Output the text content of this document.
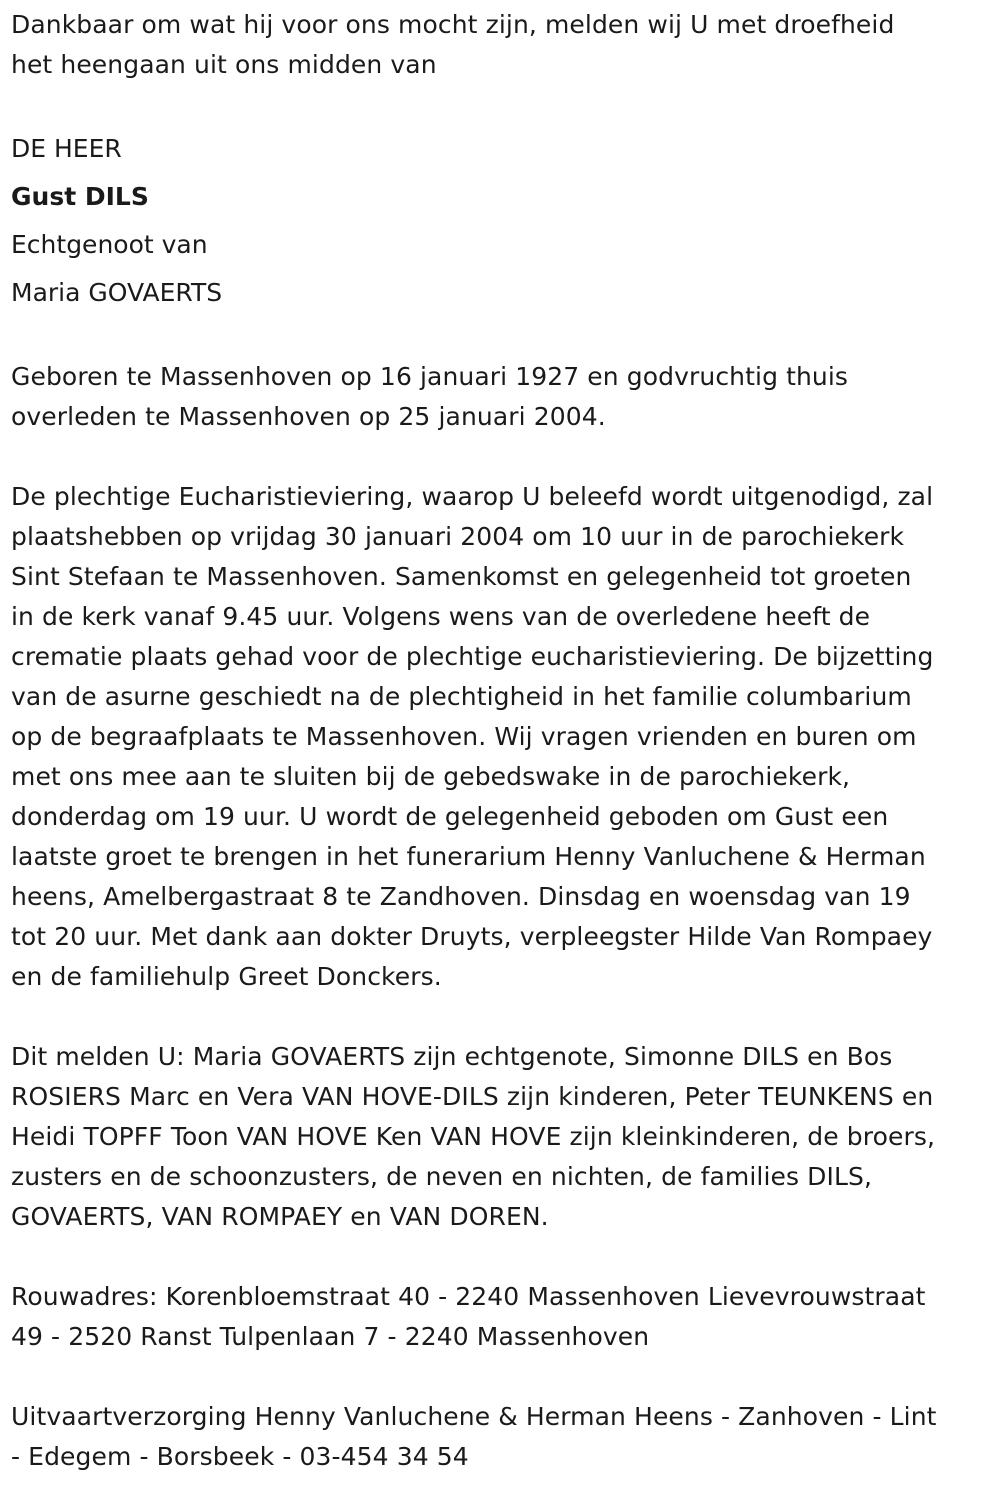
Dankbaar om wat hij voor ons mocht zijn, melden wij U met droefheid
het heengaan uit ons midden van

DE HEER
Gust DILS
Echtgenoot van
Maria GOVAERTS

Geboren te Massenhoven op 16 januari 1927 en godvruchtig thuis
overleden te Massenhoven op 25 januari 2004.

De plechtige Eucharistieviering, waarop U beleefd wordt uitgenodigd, zal
plaatshebben op vrijdag 30 januari 2004 om 10 uur in de parochiekerk
Sint Stefaan te Massenhoven. Samenkomst en gelegenheid tot groeten
in de kerk vanaf 9.45 uur. Volgens wens van de overledene heeft de
crematie plaats gehad voor de plechtige eucharistieviering. De bijzetting
van de asurne geschiedt na de plechtigheid in het familie columbarium
op de begraafplaats te Massenhoven. Wij vragen vrienden en buren om
met ons mee aan te sluiten bij de gebedswake in de parochiekerk,
donderdag om 19 uur. U wordt de gelegenheid geboden om Gust een
laatste groet te brengen in het funerarium Henny Vanluchene & Herman
heens, Amelbergastraat 8 te Zandhoven. Dinsdag en woensdag van 19
tot 20 uur. Met dank aan dokter Druyts, verpleegster Hilde Van Rompaey
en de familiehulp Greet Donckers.

Dit melden U: Maria GOVAERTS zijn echtgenote, Simonne DILS en Bos
ROSIERS Marc en Vera VAN HOVE-DILS zijn kinderen, Peter TEUNKENS en
Heidi TOPFF Toon VAN HOVE Ken VAN HOVE zijn kleinkinderen, de broers,
zusters en de schoonzusters, de neven en nichten, de families DILS,
GOVAERTS, VAN ROMPAEY en VAN DOREN.

Rouwadres: Korenbloemstraat 40 - 2240 Massenhoven Lievevrouwstraat
49 - 2520 Ranst Tulpenlaan 7 - 2240 Massenhoven

Uitvaartverzorging Henny Vanluchene & Herman Heens - Zanhoven - Lint
- Edegem - Borsbeek - 03-454 34 54
